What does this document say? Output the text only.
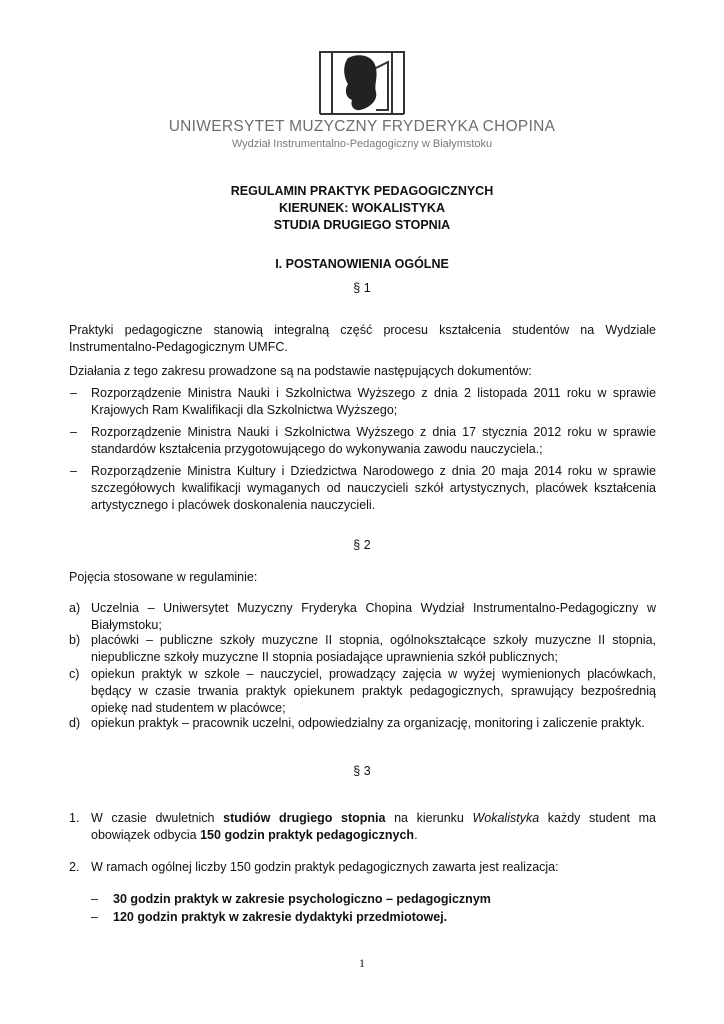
UNIWERSYTET MUZYCZNY FRYDERYKA CHOPINA
Wydział Instrumentalno-Pedagogiczny w Białymstoku
REGULAMIN PRAKTYK PEDAGOGICZNYCH
KIERUNEK: WOKALISTYKA
STUDIA DRUGIEGO STOPNIA
I. POSTANOWIENIA OGÓLNE
§ 1
Praktyki pedagogiczne stanowią integralną część procesu kształcenia studentów na Wydziale Instrumentalno-Pedagogicznym UMFC.
Działania z tego zakresu prowadzone są na podstawie następujących dokumentów:
– Rozporządzenie Ministra Nauki i Szkolnictwa Wyższego z dnia 2 listopada 2011 roku w sprawie Krajowych Ram Kwalifikacji dla Szkolnictwa Wyższego;
– Rozporządzenie Ministra Nauki i Szkolnictwa Wyższego z dnia 17 stycznia 2012 roku w sprawie standardów kształcenia przygotowującego do wykonywania zawodu nauczyciela.;
– Rozporządzenie Ministra Kultury i Dziedzictwa Narodowego z dnia 20 maja 2014 roku w sprawie szczegółowych kwalifikacji wymaganych od nauczycieli szkół artystycznych, placówek kształcenia artystycznego i placówek doskonalenia nauczycieli.
§ 2
Pojęcia stosowane w regulaminie:
a) Uczelnia – Uniwersytet Muzyczny Fryderyka Chopina Wydział Instrumentalno-Pedagogiczny w Białymstoku;
b) placówki – publiczne szkoły muzyczne II stopnia, ogólnokształcące szkoły muzyczne II stopnia, niepubliczne szkoły muzyczne II stopnia posiadające uprawnienia szkół publicznych;
c) opiekun praktyk w szkole – nauczyciel, prowadzący zajęcia w wyżej wymienionych placówkach, będący w czasie trwania praktyk opiekunem praktyk pedagogicznych, sprawujący bezpośrednią opiekę nad studentem w placówce;
d) opiekun praktyk – pracownik uczelni, odpowiedzialny za organizację, monitoring i zaliczenie praktyk.
§ 3
1. W czasie dwuletnich studiów drugiego stopnia na kierunku Wokalistyka każdy student ma obowiązek odbycia 150 godzin praktyk pedagogicznych.
2. W ramach ogólnej liczby 150 godzin praktyk pedagogicznych zawarta jest realizacja:
– 30 godzin praktyk w zakresie psychologiczno – pedagogicznym
– 120 godzin praktyk w zakresie dydaktyki przedmiotowej.
1
